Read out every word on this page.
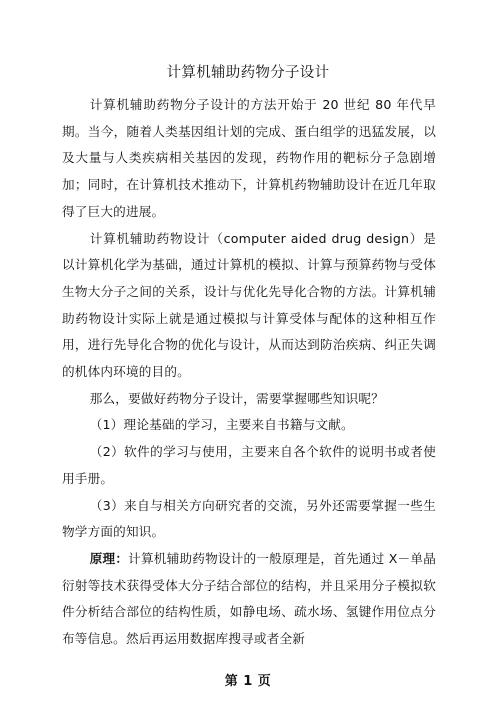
计算机辅助药物分子设计

计算机辅助药物分子设计的方法开始于 20 世纪 80 年代早期。当今，随着人类基因组计划的完成、蛋白组学的迅猛发展，以及大量与人类疾病相关基因的发现，药物作用的靶标分子急剧增加；同时，在计算机技术推动下，计算机药物辅助设计在近几年取得了巨大的进展。

计算机辅助药物设计（computer aided drug design）是以计算机化学为基础，通过计算机的模拟、计算与预算药物与受体生物大分子之间的关系，设计与优化先导化合物的方法。计算机辅助药物设计实际上就是通过模拟与计算受体与配体的这种相互作用，进行先导化合物的优化与设计，从而达到防治疾病、纠正失调的机体内环境的目的。

那么，要做好药物分子设计，需要掌握哪些知识呢？

（1）理论基础的学习，主要来自书籍与文献。

（2）软件的学习与使用，主要来自各个软件的说明书或者使用手册。

（3）来自与相关方向研究者的交流，另外还需要掌握一些生物学方面的知识。

原理：计算机辅助药物设计的一般原理是，首先通过 X－单晶衍射等技术获得受体大分子结合部位的结构，并且采用分子模拟软件分析结合部位的结构性质，如静电场、疏水场、氢键作用位点分布等信息。然后再运用数据库搜寻或者全新

第 1 页
